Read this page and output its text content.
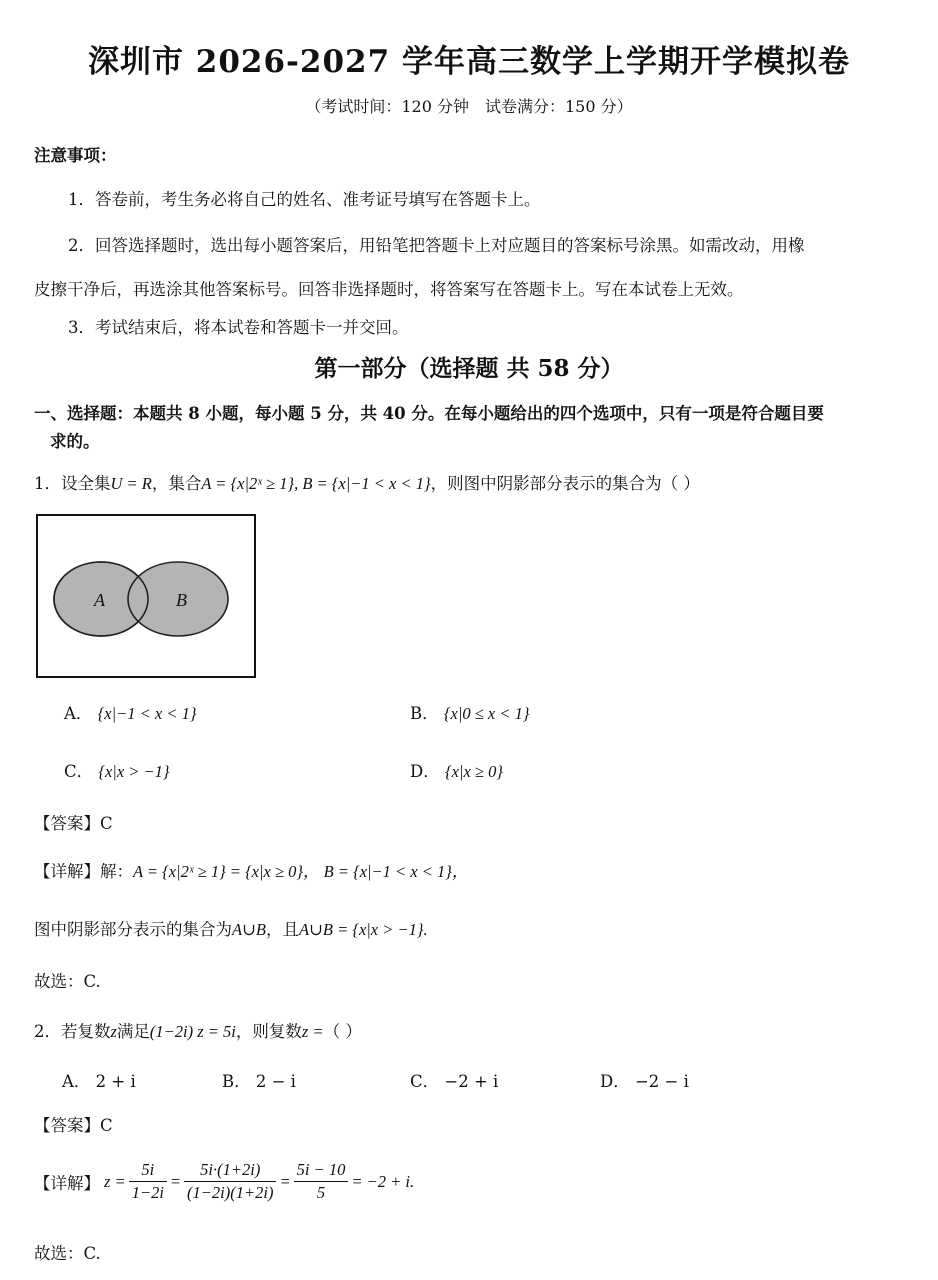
深圳市 2026-2027 学年高三数学上学期开学模拟卷
（考试时间：120 分钟　试卷满分：150 分）
注意事项：
1．答卷前，考生务必将自己的姓名、准考证号填写在答题卡上。
2．回答选择题时，选出每小题答案后，用铅笔把答题卡上对应题目的答案标号涂黑。如需改动，用橡
皮擦干净后，再选涂其他答案标号。回答非选择题时，将答案写在答题卡上。写在本试卷上无效。
3．考试结束后，将本试卷和答题卡一并交回。
第一部分（选择题 共 58 分）
一、选择题：本题共 8 小题，每小题 5 分，共 40 分。在每小题给出的四个选项中，只有一项是符合题目要
求的。
1．设全集U = R，集合A = {x|2ˣ ≥ 1}, B = {x|−1 < x < 1}，则图中阴影部分表示的集合为（ ）
A	B
A． {x|−1 < x < 1}	B． {x|0 ≤ x < 1}
C． {x|x > −1}	D． {x|x ≥ 0}
【答案】C
【详解】解：A = {x|2ˣ ≥ 1} = {x|x ≥ 0}， B = {x|−1 < x < 1}，
图中阴影部分表示的集合为A∪B，且A∪B = {x|x > −1}.
故选：C.
2．若复数z满足(1−2i) z = 5i，则复数z =（ ）
A． 2 + i	B． 2 − i	C． −2 + i	D． −2 − i
【答案】C
【详解】 $z = \frac{5i}{1-2i} = \frac{5i\cdot(1+2i)}{(1-2i)(1+2i)} = \frac{5i - 10}{5} = -2 + i$.
故选：C.
